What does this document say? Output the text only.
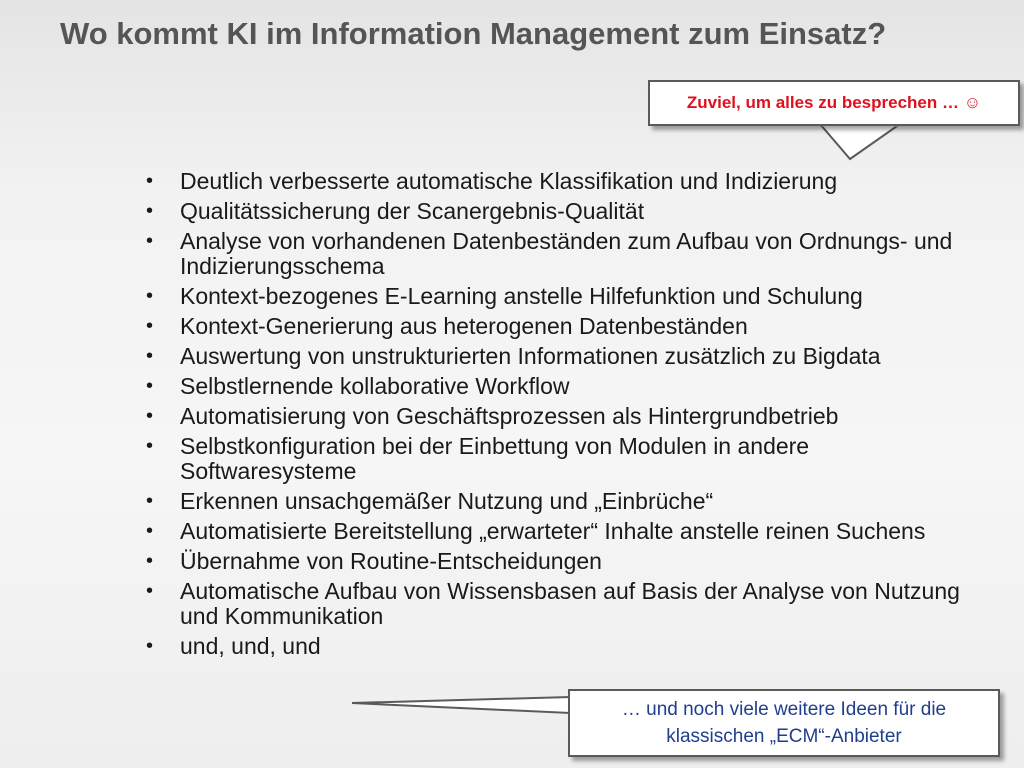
Wo kommt KI im Information Management zum Einsatz?
Zuviel, um alles zu besprechen … ☺
• Deutlich verbesserte automatische Klassifikation und Indizierung
• Qualitätssicherung der Scanergebnis-Qualität
• Analyse von vorhandenen Datenbeständen zum Aufbau von Ordnungs- und Indizierungsschema
• Kontext-bezogenes E-Learning anstelle Hilfefunktion und Schulung
• Kontext-Generierung aus heterogenen Datenbeständen
• Auswertung von unstrukturierten Informationen zusätzlich zu Bigdata
• Selbstlernende kollaborative Workflow
• Automatisierung von Geschäftsprozessen als Hintergrundbetrieb
• Selbstkonfiguration bei der Einbettung von Modulen in andere Softwaresysteme
• Erkennen unsachgemäßer Nutzung und „Einbrüche“
• Automatisierte Bereitstellung „erwarteter“ Inhalte anstelle reinen Suchens
• Übernahme von Routine-Entscheidungen
• Automatische Aufbau von Wissensbasen auf Basis der Analyse von Nutzung und Kommunikation
• und, und, und
… und noch viele weitere Ideen für die
klassischen „ECM“-Anbieter
